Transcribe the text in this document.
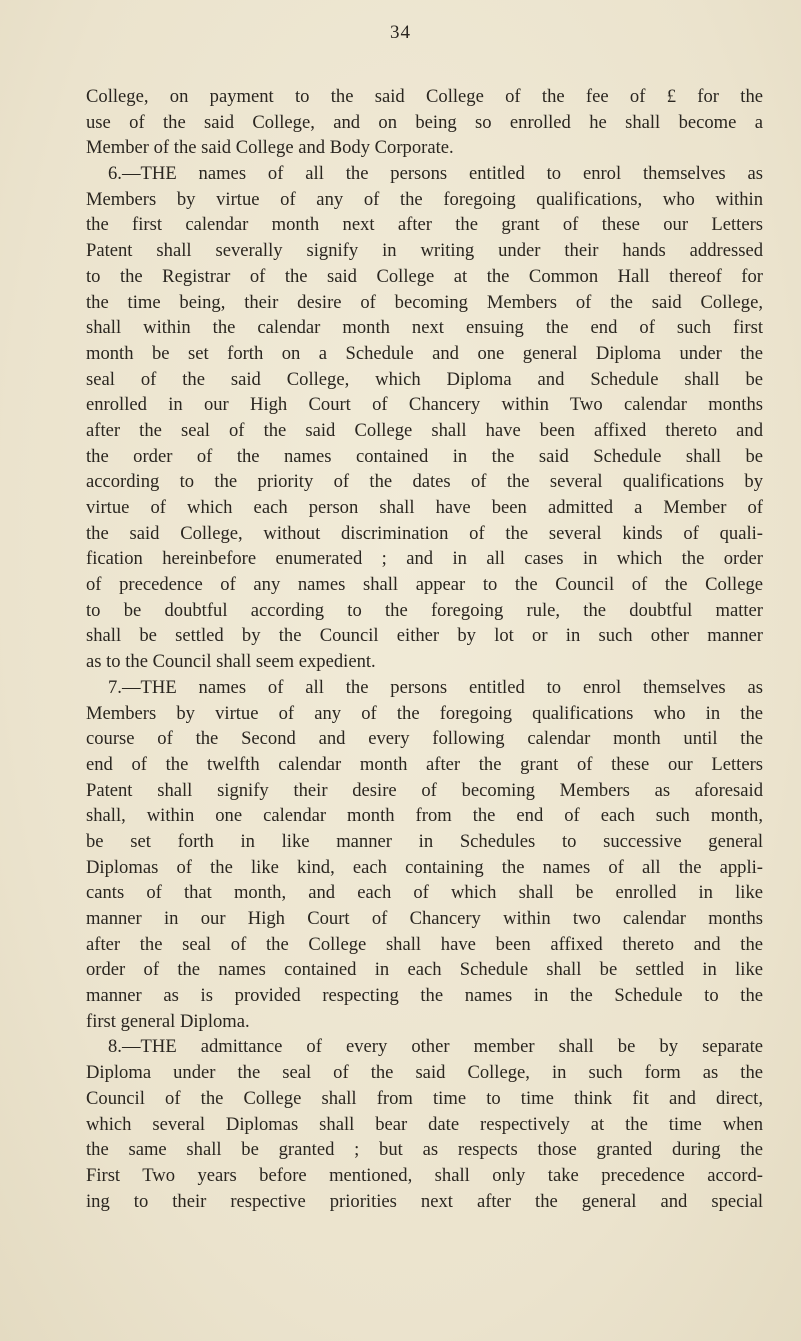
34
College, on payment to the said College of the fee of £ for the
use of the said College, and on being so enrolled he shall become a
Member of the said College and Body Corporate.
6.—THE names of all the persons entitled to enrol themselves as
Members by virtue of any of the foregoing qualifications, who within
the first calendar month next after the grant of these our Letters
Patent shall severally signify in writing under their hands addressed
to the Registrar of the said College at the Common Hall thereof for
the time being, their desire of becoming Members of the said College,
shall within the calendar month next ensuing the end of such first
month be set forth on a Schedule and one general Diploma under the
seal of the said College, which Diploma and Schedule shall be
enrolled in our High Court of Chancery within Two calendar months
after the seal of the said College shall have been affixed thereto and
the order of the names contained in the said Schedule shall be
according to the priority of the dates of the several qualifications by
virtue of which each person shall have been admitted a Member of
the said College, without discrimination of the several kinds of quali-
fication hereinbefore enumerated ; and in all cases in which the order
of precedence of any names shall appear to the Council of the College
to be doubtful according to the foregoing rule, the doubtful matter
shall be settled by the Council either by lot or in such other manner
as to the Council shall seem expedient.
7.—THE names of all the persons entitled to enrol themselves as
Members by virtue of any of the foregoing qualifications who in the
course of the Second and every following calendar month until the
end of the twelfth calendar month after the grant of these our Letters
Patent shall signify their desire of becoming Members as aforesaid
shall, within one calendar month from the end of each such month,
be set forth in like manner in Schedules to successive general
Diplomas of the like kind, each containing the names of all the appli-
cants of that month, and each of which shall be enrolled in like
manner in our High Court of Chancery within two calendar months
after the seal of the College shall have been affixed thereto and the
order of the names contained in each Schedule shall be settled in like
manner as is provided respecting the names in the Schedule to the
first general Diploma.
8.—THE admittance of every other member shall be by separate
Diploma under the seal of the said College, in such form as the
Council of the College shall from time to time think fit and direct,
which several Diplomas shall bear date respectively at the time when
the same shall be granted ; but as respects those granted during the
First Two years before mentioned, shall only take precedence accord-
ing to their respective priorities next after the general and special
